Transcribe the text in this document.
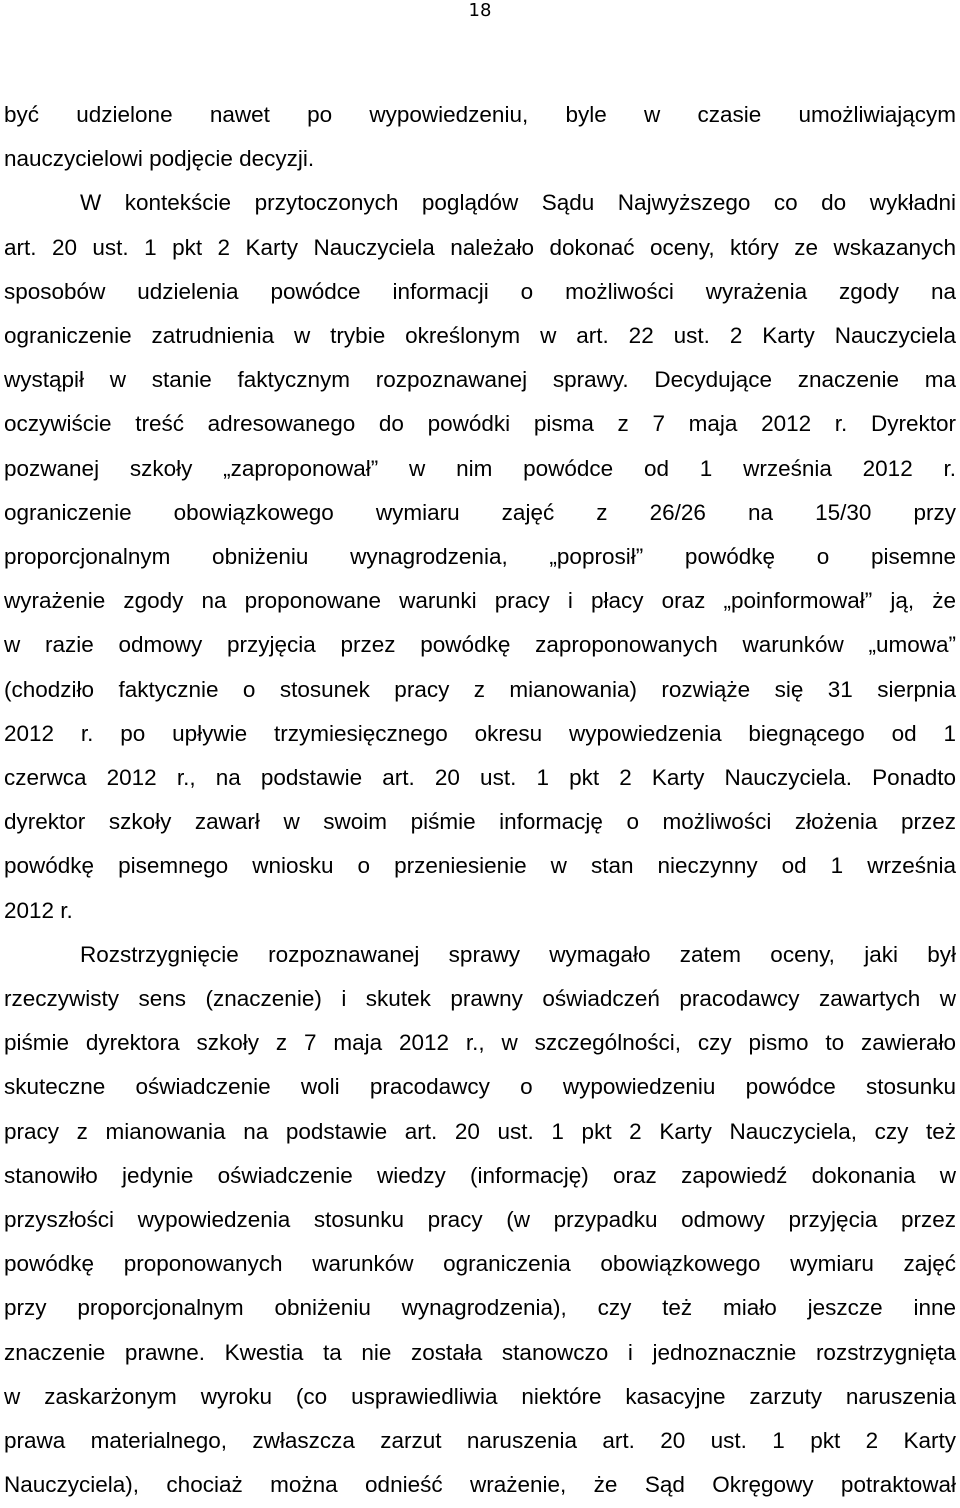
18
być udzielone nawet po wypowiedzeniu, byle w czasie umożliwiającym
nauczycielowi podjęcie decyzji.
W kontekście przytoczonych poglądów Sądu Najwyższego co do wykładni
art. 20 ust. 1 pkt 2 Karty Nauczyciela należało dokonać oceny, który ze wskazanych
sposobów udzielenia powódce informacji o możliwości wyrażenia zgody na
ograniczenie zatrudnienia w trybie określonym w art. 22 ust. 2 Karty Nauczyciela
wystąpił w stanie faktycznym rozpoznawanej sprawy. Decydujące znaczenie ma
oczywiście treść adresowanego do powódki pisma z 7 maja 2012 r. Dyrektor
pozwanej szkoły „zaproponował” w nim powódce od 1 września 2012 r.
ograniczenie obowiązkowego wymiaru zajęć z 26/26 na 15/30 przy
proporcjonalnym obniżeniu wynagrodzenia, „poprosił” powódkę o pisemne
wyrażenie zgody na proponowane warunki pracy i płacy oraz „poinformował” ją, że
w razie odmowy przyjęcia przez powódkę zaproponowanych warunków „umowa”
(chodziło faktycznie o stosunek pracy z mianowania) rozwiąże się 31 sierpnia
2012 r. po upływie trzymiesięcznego okresu wypowiedzenia biegnącego od 1
czerwca 2012 r., na podstawie art. 20 ust. 1 pkt 2 Karty Nauczyciela. Ponadto
dyrektor szkoły zawarł w swoim piśmie informację o możliwości złożenia przez
powódkę pisemnego wniosku o przeniesienie w stan nieczynny od 1 września
2012 r.
Rozstrzygnięcie rozpoznawanej sprawy wymagało zatem oceny, jaki był
rzeczywisty sens (znaczenie) i skutek prawny oświadczeń pracodawcy zawartych w
piśmie dyrektora szkoły z 7 maja 2012 r., w szczególności, czy pismo to zawierało
skuteczne oświadczenie woli pracodawcy o wypowiedzeniu powódce stosunku
pracy z mianowania na podstawie art. 20 ust. 1 pkt 2 Karty Nauczyciela, czy też
stanowiło jedynie oświadczenie wiedzy (informację) oraz zapowiedź dokonania w
przyszłości wypowiedzenia stosunku pracy (w przypadku odmowy przyjęcia przez
powódkę proponowanych warunków ograniczenia obowiązkowego wymiaru zajęć
przy proporcjonalnym obniżeniu wynagrodzenia), czy też miało jeszcze inne
znaczenie prawne. Kwestia ta nie została stanowczo i jednoznacznie rozstrzygnięta
w zaskarżonym wyroku (co usprawiedliwia niektóre kasacyjne zarzuty naruszenia
prawa materialnego, zwłaszcza zarzut naruszenia art. 20 ust. 1 pkt 2 Karty
Nauczyciela), chociaż można odnieść wrażenie, że Sąd Okręgowy potraktował
